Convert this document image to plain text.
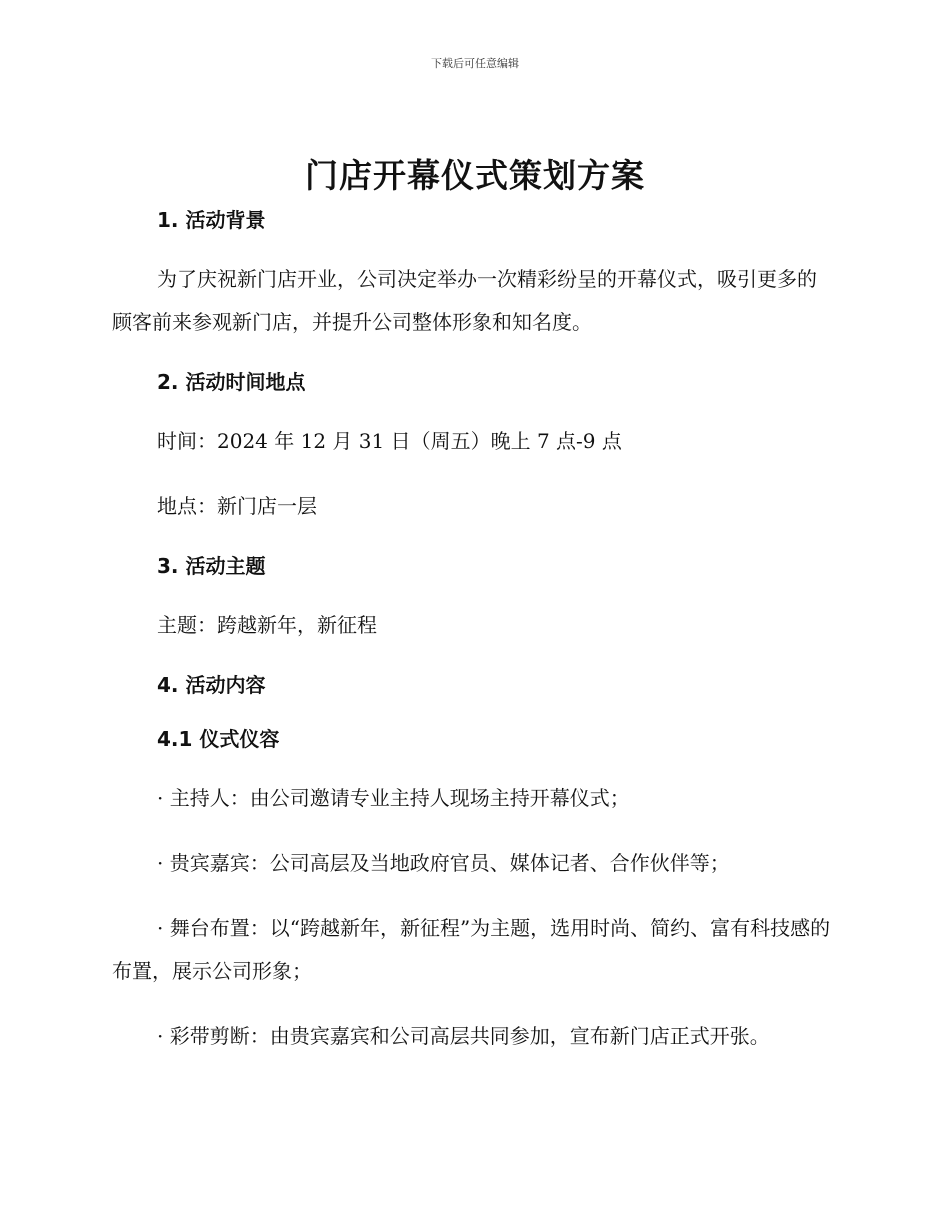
下载后可任意编辑
门店开幕仪式策划方案
1. 活动背景

为了庆祝新门店开业，公司决定举办一次精彩纷呈的开幕仪式，吸引更多的顾客前来参观新门店，并提升公司整体形象和知名度。

2. 活动时间地点

时间：2024 年 12 月 31 日（周五）晚上 7 点-9 点

地点：新门店一层

3. 活动主题

主题：跨越新年，新征程

4. 活动内容
4.1 仪式仪容

· 主持人：由公司邀请专业主持人现场主持开幕仪式；

· 贵宾嘉宾：公司高层及当地政府官员、媒体记者、合作伙伴等；

· 舞台布置：以“跨越新年，新征程”为主题，选用时尚、简约、富有科技感的布置，展示公司形象；

· 彩带剪断：由贵宾嘉宾和公司高层共同参加，宣布新门店正式开张。
